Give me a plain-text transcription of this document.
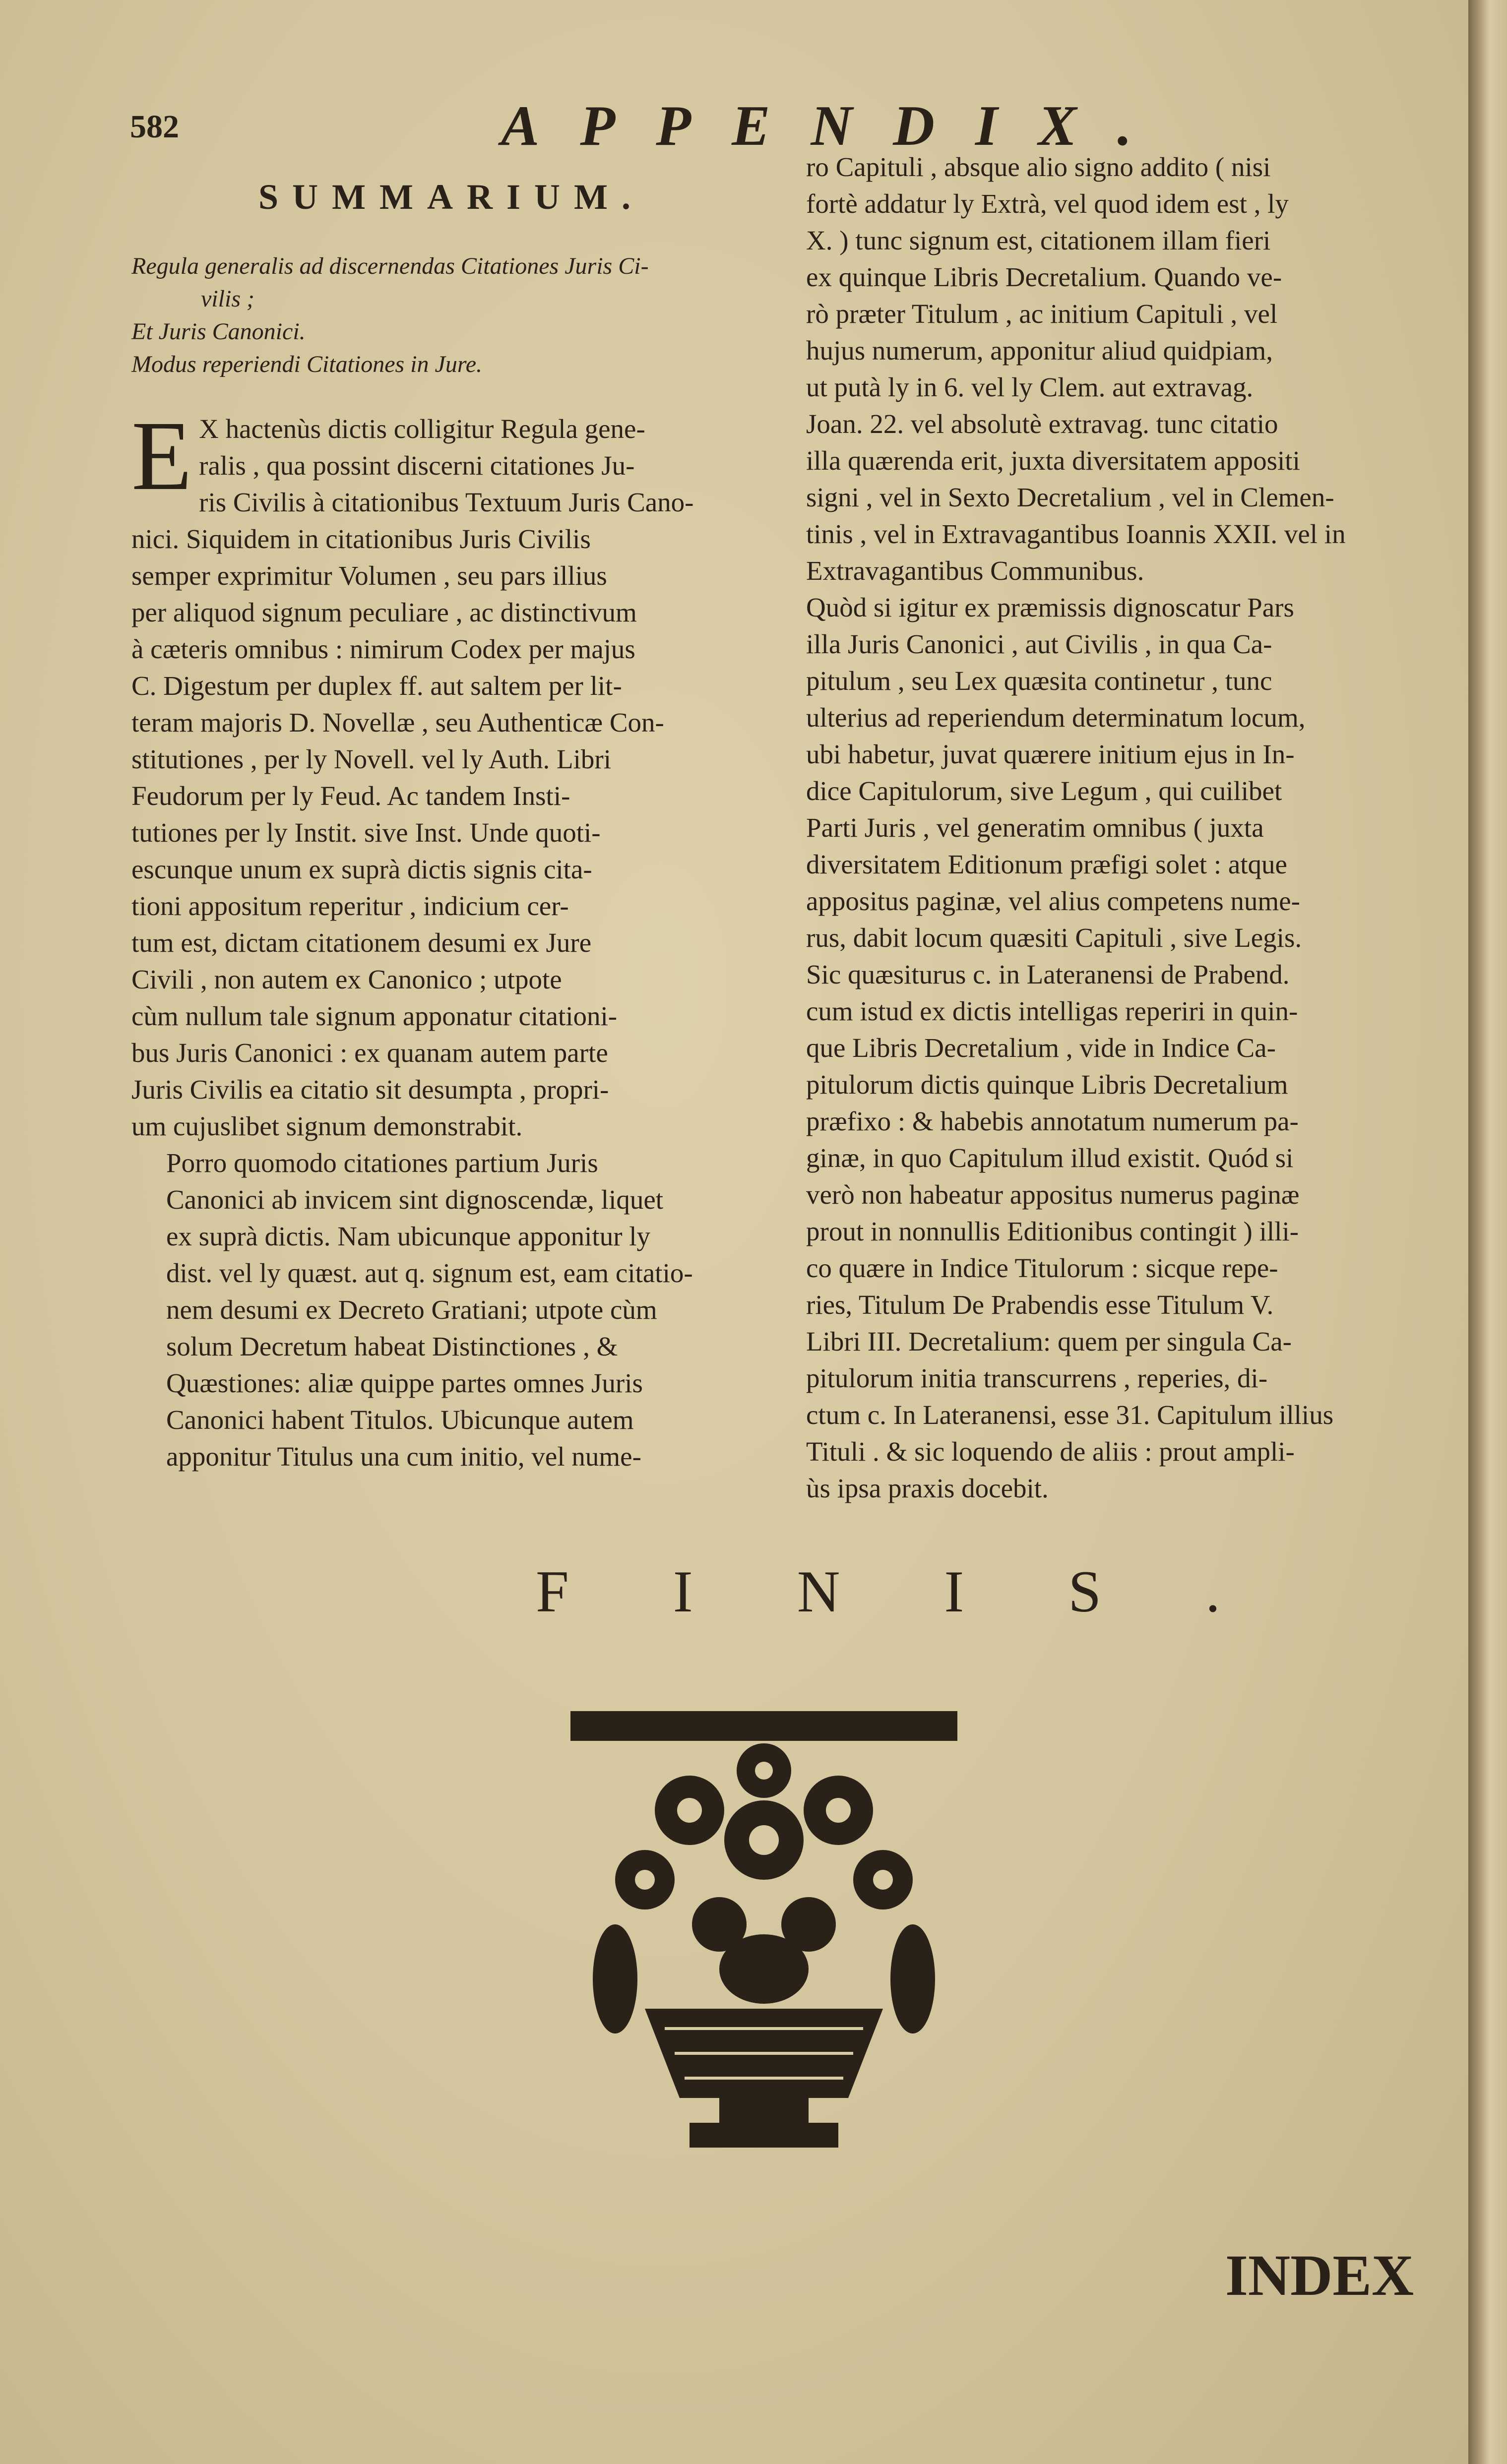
582	APPENDIX.
SUMMARIUM.
Regula generalis ad discernendas Citationes Juris Ci-
vilis ;
Et Juris Canonici.
Modus reperiendi Citationes in Jure.
E X hactenùs dictis colligitur Regula gene-
ralis , qua possint discerni citationes Ju-
ris Civilis à citationibus Textuum Juris Cano-
nici. Siquidem in citationibus Juris Civilis
semper exprimitur Volumen , seu pars illius
per aliquod signum peculiare , ac distinctivum
à cæteris omnibus : nimirum Codex per majus
C. Digestum per duplex ff. aut saltem per lit-
teram majoris D. Novellæ , seu Authenticæ Con-
stitutiones , per ly Novell. vel ly Auth. Libri
Feudorum per ly Feud. Ac tandem Insti-
tutiones per ly Instit. sive Inst. Unde quoti-
escunque unum ex suprà dictis signis cita-
tioni appositum reperitur , indicium cer-
tum est, dictam citationem desumi ex Jure
Civili , non autem ex Canonico ; utpote
cùm nullum tale signum apponatur citationi-
bus Juris Canonici : ex quanam autem parte
Juris Civilis ea citatio sit desumpta , propri-
um cujuslibet signum demonstrabit.
Porro quomodo citationes partium Juris
Canonici ab invicem sint dignoscendæ, liquet
ex suprà dictis. Nam ubicunque apponitur ly
dist. vel ly quæst. aut q. signum est, eam citatio-
nem desumi ex Decreto Gratiani; utpote cùm
solum Decretum habeat Distinctiones , &
Quæstiones: aliæ quippe partes omnes Juris
Canonici habent Titulos. Ubicunque autem
apponitur Titulus una cum initio, vel nume-
ro Capituli , absque alio signo addito ( nisi
fortè addatur ly Extrà, vel quod idem est , ly
X. ) tunc signum est, citationem illam fieri
ex quinque Libris Decretalium. Quando ve-
rò præter Titulum , ac initium Capituli , vel
hujus numerum, apponitur aliud quidpiam,
ut putà ly in 6. vel ly Clem. aut extravag.
Joan. 22. vel absolutè extravag. tunc citatio
illa quærenda erit, juxta diversitatem appositi
signi , vel in Sexto Decretalium , vel in Clemen-
tinis , vel in Extravagantibus Ioannis XXII. vel in
Extravagantibus Communibus.
Quòd si igitur ex præmissis dignoscatur Pars
illa Juris Canonici , aut Civilis , in qua Ca-
pitulum , seu Lex quæsita continetur , tunc
ulterius ad reperiendum determinatum locum,
ubi habetur, juvat quærere initium ejus in In-
dice Capitulorum, sive Legum , qui cuilibet
Parti Juris , vel generatim omnibus ( juxta
diversitatem Editionum præfigi solet : atque
appositus paginæ, vel alius competens nume-
rus, dabit locum quæsiti Capituli , sive Legis.
Sic quæsiturus c. in Lateranensi de Prabend.
cum istud ex dictis intelligas reperiri in quin-
que Libris Decretalium , vide in Indice Ca-
pitulorum dictis quinque Libris Decretalium
præfixo : & habebis annotatum numerum pa-
ginæ, in quo Capitulum illud existit. Quód si
verò non habeatur appositus numerus paginæ
prout in nonnullis Editionibus contingit ) illi-
co quære in Indice Titulorum : sicque repe-
ries, Titulum De Prabendis esse Titulum V.
Libri III. Decretalium: quem per singula Ca-
pitulorum initia transcurrens , reperies, di-
ctum c. In Lateranensi, esse 31. Capitulum illius
Tituli . & sic loquendo de aliis : prout ampli-
ùs ipsa praxis docebit.
FINIS.
INDEX
